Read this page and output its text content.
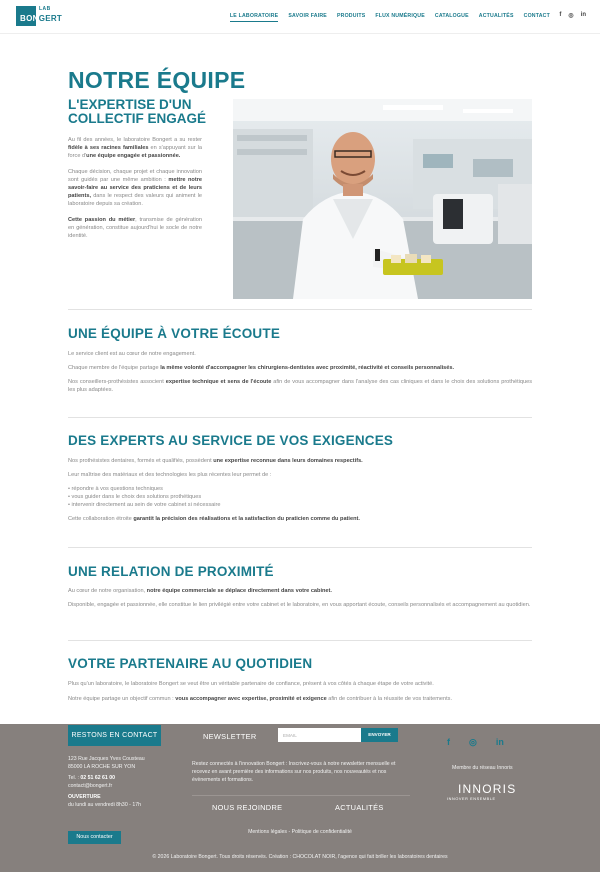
LAB
BONGERT	LE LABORATOIRE SAVOIR FAIRE PRODUITS FLUX NUMÉRIQUE CATALOGUE ACTUALITÉS CONTACT f ◎ in
NOTRE ÉQUIPE
L'EXPERTISE D'UN COLLECTIF ENGAGÉ

Au fil des années, le laboratoire Bongert a su rester fidèle à ses racines familiales en s'appuyant sur la force d'une équipe engagée et passionnée.

Chaque décision, chaque projet et chaque innovation sont guidés par une même ambition : mettre notre savoir-faire au service des praticiens et de leurs patients, dans le respect des valeurs qui animent le laboratoire depuis sa création.

Cette passion du métier, transmise de génération en génération, constitue aujourd'hui le socle de notre identité.

UNE ÉQUIPE À VOTRE ÉCOUTE

Le service client est au cœur de notre engagement.

Chaque membre de l'équipe partage la même volonté d'accompagner les chirurgiens-dentistes avec proximité, réactivité et conseils personnalisés.

Nos conseillers-prothésistes associent expertise technique et sens de l'écoute afin de vous accompagner dans l'analyse des cas cliniques et dans le choix des solutions prothétiques les plus adaptées.

DES EXPERTS AU SERVICE DE VOS EXIGENCES

Nos prothésistes dentaires, formés et qualifiés, possèdent une expertise reconnue dans leurs domaines respectifs.

Leur maîtrise des matériaux et des technologies les plus récentes leur permet de :

• répondre à vos questions techniques
• vous guider dans le choix des solutions prothétiques
• intervenir directement au sein de votre cabinet si nécessaire

Cette collaboration étroite garantit la précision des réalisations et la satisfaction du praticien comme du patient.

UNE RELATION DE PROXIMITÉ

Au cœur de notre organisation, notre équipe commerciale se déplace directement dans votre cabinet.

Disponible, engagée et passionnée, elle constitue le lien privilégié entre votre cabinet et le laboratoire, en vous apportant écoute, conseils personnalisés et accompagnement au quotidien.

VOTRE PARTENAIRE AU QUOTIDIEN

Plus qu'un laboratoire, le laboratoire Bongert se veut être un véritable partenaire de confiance, présent à vos côtés à chaque étape de votre activité.

Notre équipe partage un objectif commun : vous accompagner avec expertise, proximité et exigence afin de contribuer à la réussite de vos traitements.

RESTONS EN CONTACT
123 Rue Jacques Yves Cousteau
85000 LA ROCHE SUR YON
Tel. : 02 51 62 61 00
contact@bongert.fr
OUVERTURE
du lundi au vendredi 8h30 - 17h
Nous contacter
NEWSLETTER
EMAIL	ENVOYER
Restez connectés à l'innovation Bongert : Inscrivez-vous à notre newsletter mensuelle et recevez en avant première des informations sur nos produits, nos nouveautés et nos évènements et formations.
NOUS REJOINDRE	ACTUALITÉS
f ◎ in
Membre du réseau Innoris
INNORIS
INNOVER ENSEMBLE
Mentions légales - Politique de confidentialité
© 2026 Laboratoire Bongert. Tous droits réservés. Création : CHOCOLAT NOIR, l'agence qui fait briller les laboratoires dentaires
